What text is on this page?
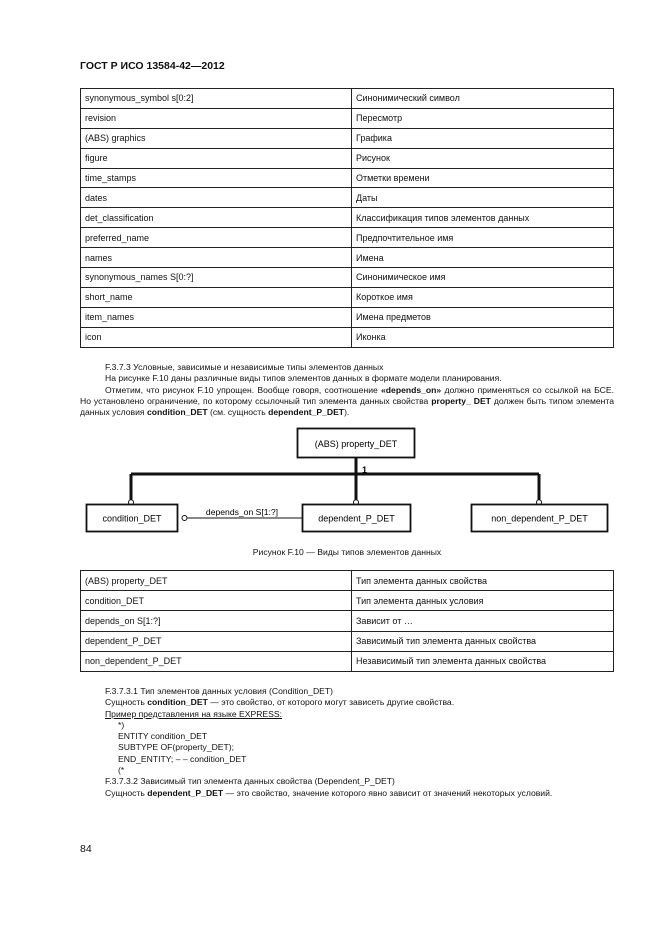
ГОСТ Р ИСО 13584-42—2012
synonymous_symbol s[0:2]	Синонимический символ
revision	Пересмотр
(ABS) graphics	Графика
figure	Рисунок
time_stamps	Отметки времени
dates	Даты
det_classification	Классификация типов элементов данных
preferred_name	Предпочтительное имя
names	Имена
synonymous_names S[0:?]	Синонимическое имя
short_name	Короткое имя
item_names	Имена предметов
icon	Иконка

F.3.7.3 Условные, зависимые и независимые типы элементов данных

На рисунке F.10 даны различные виды типов элементов данных в формате модели планирования.

Отметим, что рисунок F.10 упрощен. Вообще говоря, соотношение «depends_on» должно применяться со ссылкой на БСЕ. Но установлено ограничение, по которому ссылочный тип элемента данных свойства property_ DET должен быть типом элемента данных условия condition_DET (см. сущность dependent_P_DET).

(ABS) property_DET
1
condition_DET
depends_on S[1:?]
dependent_P_DET	non_dependent_P_DET
Рисунок F.10 — Виды типов элементов данных
(ABS) property_DET	Тип элемента данных свойства
condition_DET	Тип элемента данных условия
depends_on S[1:?]	Зависит от …
dependent_P_DET	Зависимый тип элемента данных свойства
non_dependent_P_DET	Независимый тип элемента данных свойства

F.3.7.3.1 Тип элементов данных условия (Condition_DET)

Сущность condition_DET — это свойство, от которого могут зависеть другие свойства.

Пример представления на языке EXPRESS:

*)

ENTITY condition_DET

SUBTYPE OF(property_DET);

END_ENTITY; – – condition_DET

(*

F.3.7.3.2 Зависимый тип элемента данных свойства (Dependent_P_DET)

Сущность dependent_P_DET — это свойство, значение которого явно зависит от значений некоторых условий.

84
